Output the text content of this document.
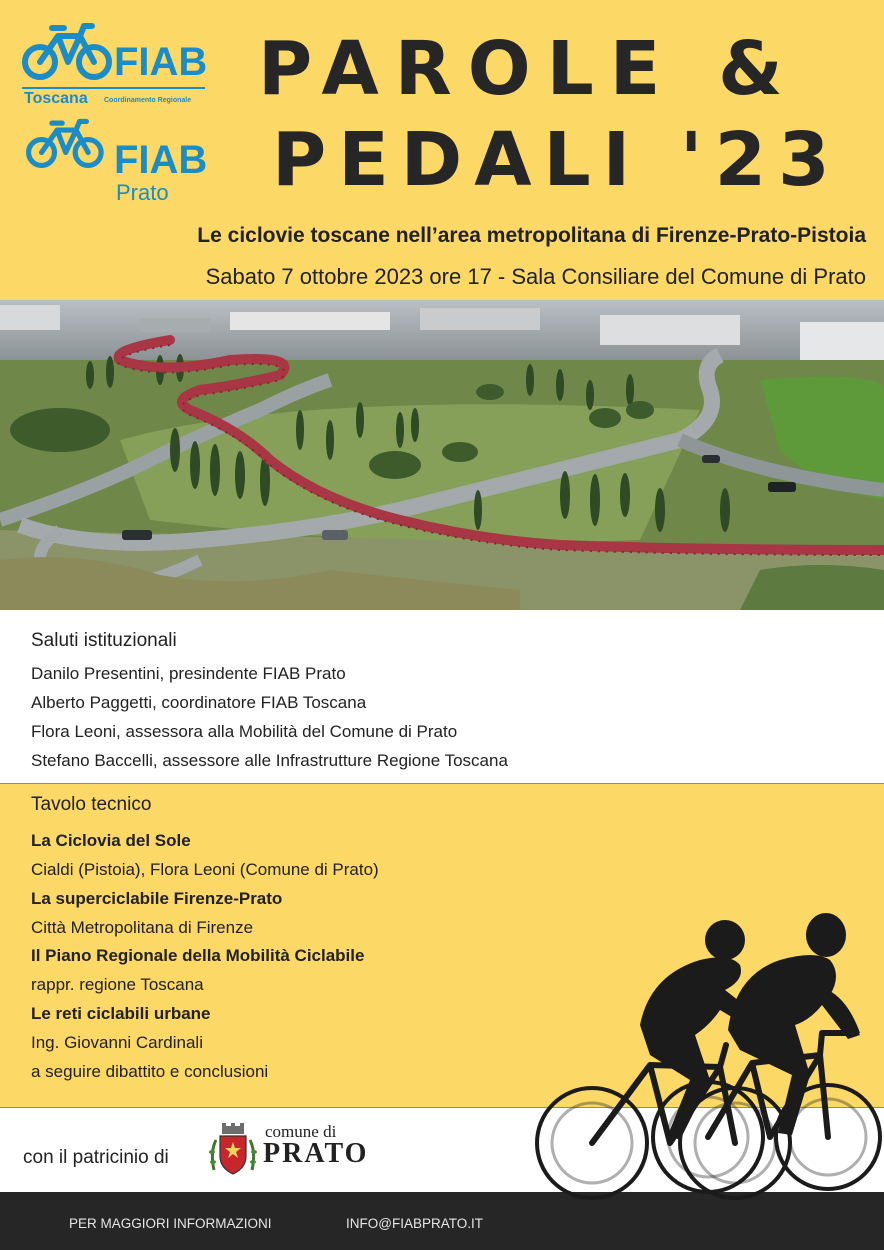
FIAB
Toscana Coordinamento Regionale
FIAB
Prato
PAROLE &
PEDALI '23
Le ciclovie toscane nell’area metropolitana di Firenze-Prato-Pistoia
Sabato 7 ottobre 2023 ore 17 - Sala Consiliare del Comune di Prato
Saluti istituzionali
Danilo Presentini, presindente FIAB Prato
Alberto Paggetti, coordinatore FIAB Toscana
Flora Leoni, assessora alla Mobilità del Comune di Prato
Stefano Baccelli, assessore alle Infrastrutture Regione Toscana
Tavolo tecnico
La Ciclovia del Sole
Cialdi (Pistoia), Flora Leoni (Comune di Prato)
La superciclabile Firenze-Prato
Città Metropolitana di Firenze
Il Piano Regionale della Mobilità Ciclabile
rappr. regione Toscana
Le reti ciclabili urbane
Ing. Giovanni Cardinali
a seguire dibattito e conclusioni
con il patricinio di
comune di
PRATO
PER MAGGIORI INFORMAZIONI	INFO@FIABPRATO.IT
